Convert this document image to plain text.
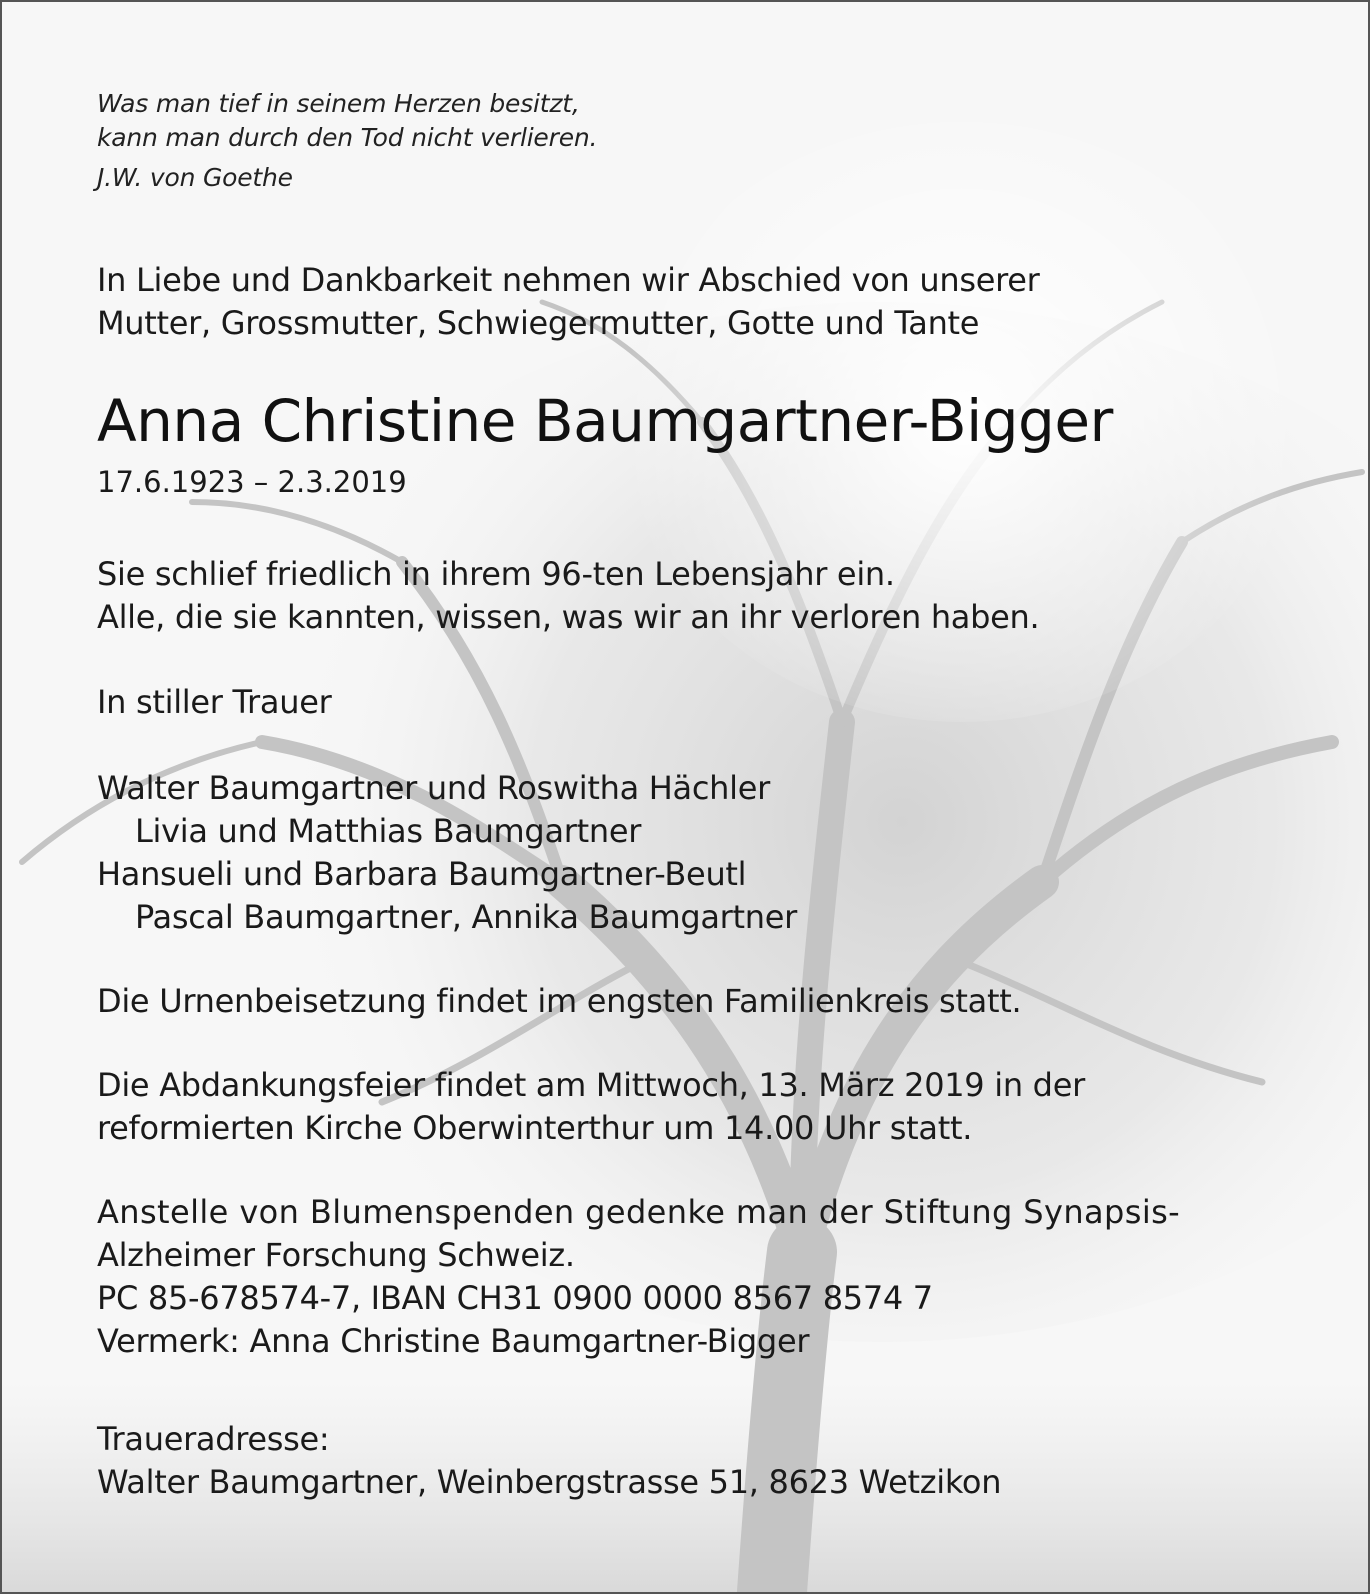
Was man tief in seinem Herzen besitzt,
kann man durch den Tod nicht verlieren.
J.W. von Goethe
In Liebe und Dankbarkeit nehmen wir Abschied von unserer
Mutter, Grossmutter, Schwiegermutter, Gotte und Tante
Anna Christine Baumgartner-Bigger
17.6.1923 – 2.3.2019
Sie schlief friedlich in ihrem 96-ten Lebensjahr ein.
Alle, die sie kannten, wissen, was wir an ihr verloren haben.
In stiller Trauer
Walter Baumgartner und Roswitha Hächler
Livia und Matthias Baumgartner
Hansueli und Barbara Baumgartner-Beutl
Pascal Baumgartner, Annika Baumgartner
Die Urnenbeisetzung findet im engsten Familienkreis statt.
Die Abdankungsfeier findet am Mittwoch, 13. März 2019 in der
reformierten Kirche Oberwinterthur um 14.00 Uhr statt.
Anstelle von Blumenspenden gedenke man der Stiftung Synapsis-
Alzheimer Forschung Schweiz.
PC 85-678574-7, IBAN CH31 0900 0000 8567 8574 7
Vermerk: Anna Christine Baumgartner-Bigger
Traueradresse:
Walter Baumgartner, Weinbergstrasse 51, 8623 Wetzikon
